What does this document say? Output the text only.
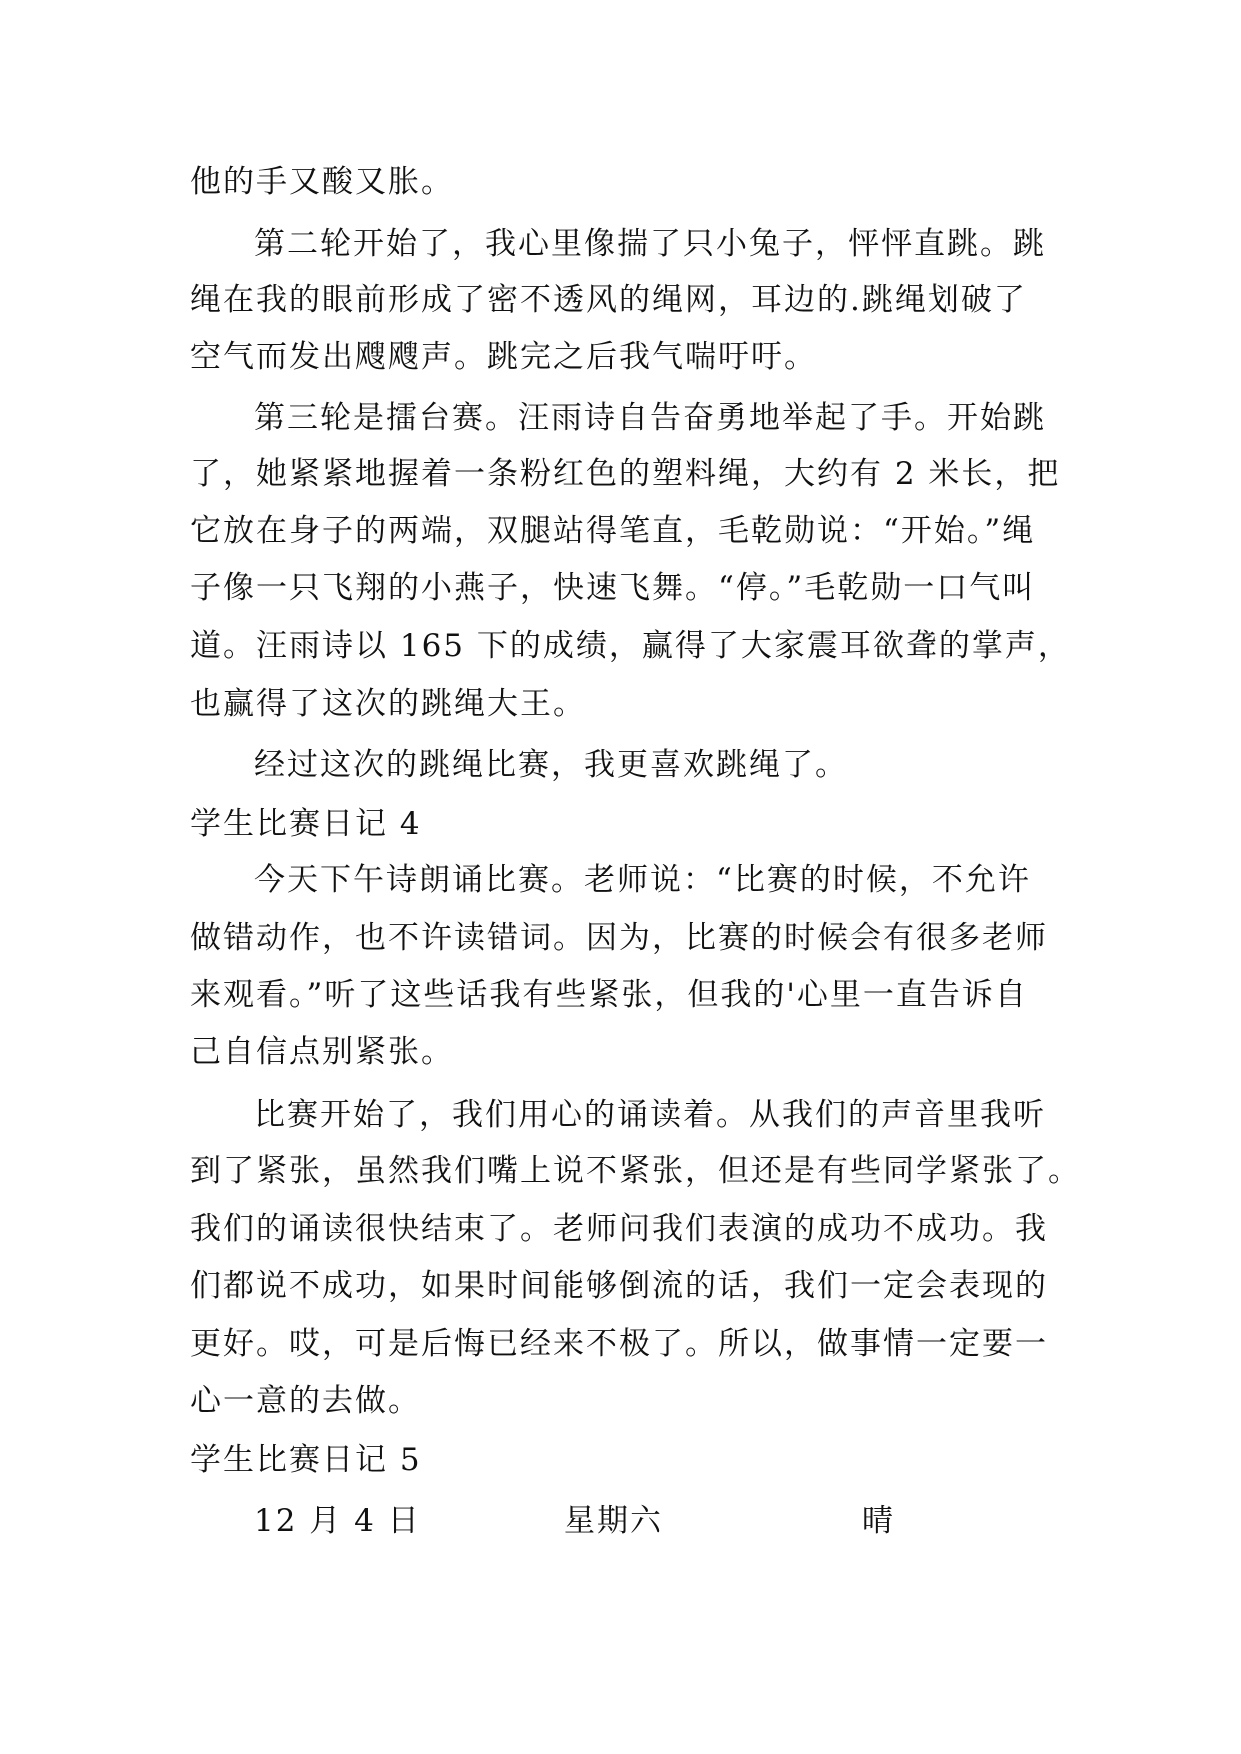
他的手又酸又胀。
第二轮开始了，我心里像揣了只小兔子，怦怦直跳。跳
绳在我的眼前形成了密不透风的绳网，耳边的.跳绳划破了
空气而发出飕飕声。跳完之后我气喘吁吁。
第三轮是擂台赛。汪雨诗自告奋勇地举起了手。开始跳
了，她紧紧地握着一条粉红色的塑料绳，大约有 2 米长，把
它放在身子的两端，双腿站得笔直，毛乾勋说：“开始。”绳
子像一只飞翔的小燕子，快速飞舞。“停。”毛乾勋一口气叫
道。汪雨诗以 165 下的成绩，赢得了大家震耳欲聋的掌声，
也赢得了这次的跳绳大王。
经过这次的跳绳比赛，我更喜欢跳绳了。
学生比赛日记 4
今天下午诗朗诵比赛。老师说：“比赛的时候，不允许
做错动作，也不许读错词。因为，比赛的时候会有很多老师
来观看。”听了这些话我有些紧张，但我的'心里一直告诉自
己自信点别紧张。
比赛开始了，我们用心的诵读着。从我们的声音里我听
到了紧张，虽然我们嘴上说不紧张，但还是有些同学紧张了。
我们的诵读很快结束了。老师问我们表演的成功不成功。我
们都说不成功，如果时间能够倒流的话，我们一定会表现的
更好。哎，可是后悔已经来不极了。所以，做事情一定要一
心一意的去做。
学生比赛日记 5
12 月 4 日	星期六	晴
